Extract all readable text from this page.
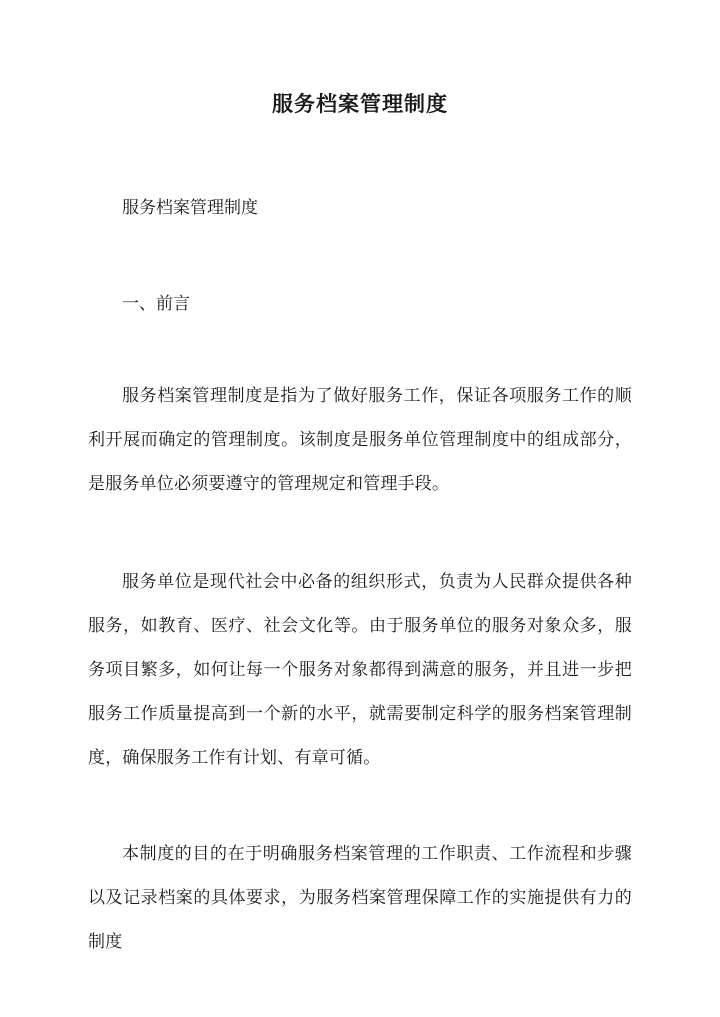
服务档案管理制度

服务档案管理制度

一、前言

服务档案管理制度是指为了做好服务工作，保证各项服务工作的顺利开展而确定的管理制度。该制度是服务单位管理制度中的组成部分，是服务单位必须要遵守的管理规定和管理手段。

服务单位是现代社会中必备的组织形式，负责为人民群众提供各种服务，如教育、医疗、社会文化等。由于服务单位的服务对象众多，服务项目繁多，如何让每一个服务对象都得到满意的服务，并且进一步把服务工作质量提高到一个新的水平，就需要制定科学的服务档案管理制度，确保服务工作有计划、有章可循。

本制度的目的在于明确服务档案管理的工作职责、工作流程和步骤以及记录档案的具体要求，为服务档案管理保障工作的实施提供有力的制度
